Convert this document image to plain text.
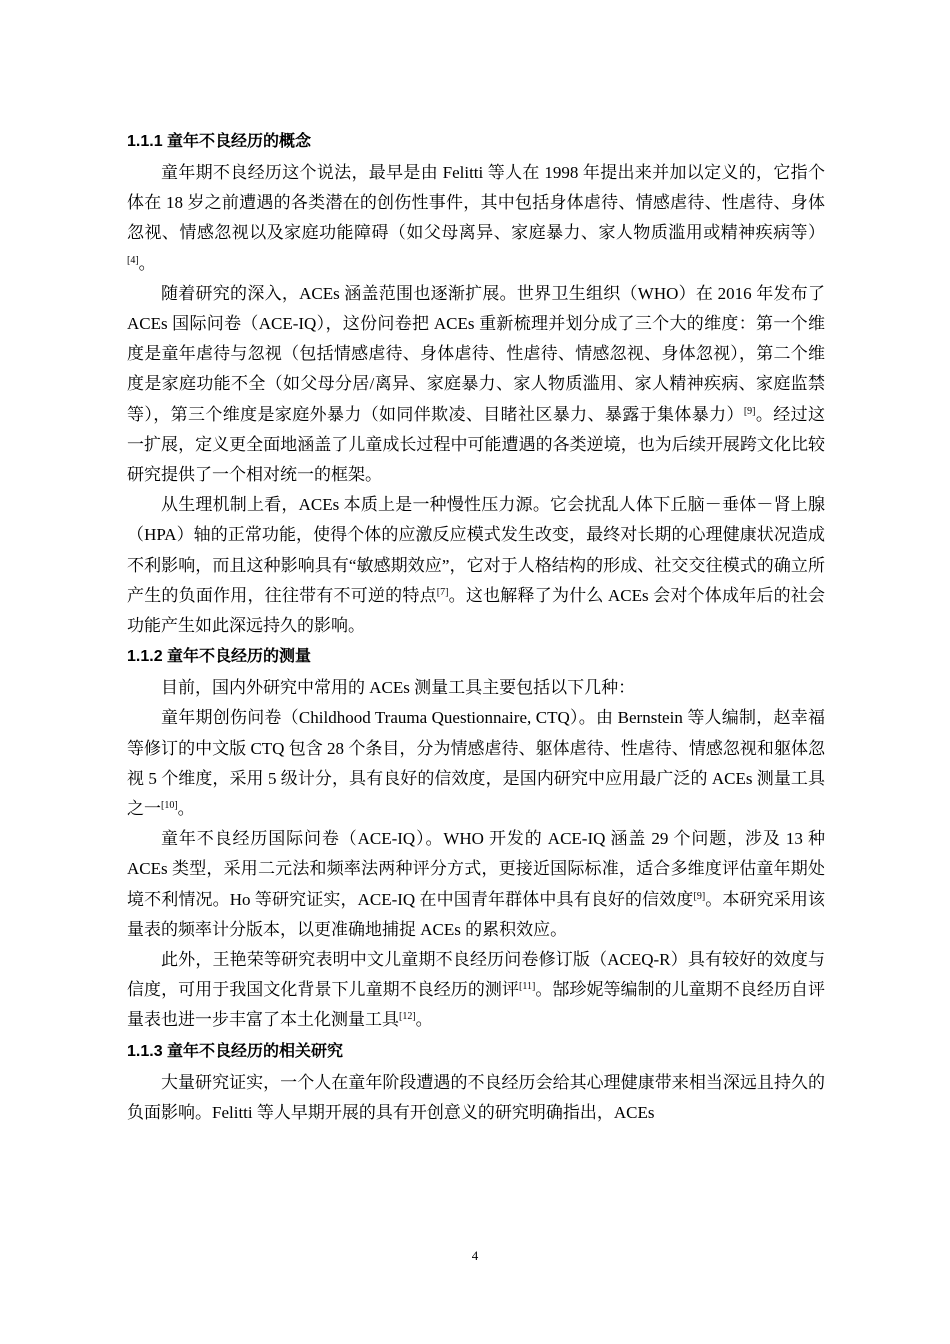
1.1.1 童年不良经历的概念

童年期不良经历这个说法，最早是由 Felitti 等人在 1998 年提出来并加以定义的，它指个体在 18 岁之前遭遇的各类潜在的创伤性事件，其中包括身体虐待、情感虐待、性虐待、身体忽视、情感忽视以及家庭功能障碍（如父母离异、家庭暴力、家人物质滥用或精神疾病等）[4]。

随着研究的深入，ACEs 涵盖范围也逐渐扩展。世界卫生组织（WHO）在 2016 年发布了 ACEs 国际问卷（ACE-IQ），这份问卷把 ACEs 重新梳理并划分成了三个大的维度：第一个维度是童年虐待与忽视（包括情感虐待、身体虐待、性虐待、情感忽视、身体忽视），第二个维度是家庭功能不全（如父母分居/离异、家庭暴力、家人物质滥用、家人精神疾病、家庭监禁等），第三个维度是家庭外暴力（如同伴欺凌、目睹社区暴力、暴露于集体暴力）[9]。经过这一扩展，定义更全面地涵盖了儿童成长过程中可能遭遇的各类逆境，也为后续开展跨文化比较研究提供了一个相对统一的框架。

从生理机制上看，ACEs 本质上是一种慢性压力源。它会扰乱人体下丘脑－垂体－肾上腺（HPA）轴的正常功能，使得个体的应激反应模式发生改变，最终对长期的心理健康状况造成不利影响，而且这种影响具有“敏感期效应”，它对于人格结构的形成、社交交往模式的确立所产生的负面作用，往往带有不可逆的特点[7]。这也解释了为什么 ACEs 会对个体成年后的社会功能产生如此深远持久的影响。

1.1.2 童年不良经历的测量

目前，国内外研究中常用的 ACEs 测量工具主要包括以下几种：

童年期创伤问卷（Childhood Trauma Questionnaire, CTQ）。由 Bernstein 等人编制，赵幸福等修订的中文版 CTQ 包含 28 个条目，分为情感虐待、躯体虐待、性虐待、情感忽视和躯体忽视 5 个维度，采用 5 级计分，具有良好的信效度，是国内研究中应用最广泛的 ACEs 测量工具之一[10]。

童年不良经历国际问卷（ACE-IQ）。WHO 开发的 ACE-IQ 涵盖 29 个问题，涉及 13 种 ACEs 类型，采用二元法和频率法两种评分方式，更接近国际标准，适合多维度评估童年期处境不利情况。Ho 等研究证实，ACE-IQ 在中国青年群体中具有良好的信效度[9]。本研究采用该量表的频率计分版本，以更准确地捕捉 ACEs 的累积效应。

此外，王艳荣等研究表明中文儿童期不良经历问卷修订版（ACEQ-R）具有较好的效度与信度，可用于我国文化背景下儿童期不良经历的测评[11]。郜珍妮等编制的儿童期不良经历自评量表也进一步丰富了本土化测量工具[12]。

1.1.3 童年不良经历的相关研究

大量研究证实，一个人在童年阶段遭遇的不良经历会给其心理健康带来相当深远且持久的负面影响。Felitti 等人早期开展的具有开创意义的研究明确指出，ACEs

4
